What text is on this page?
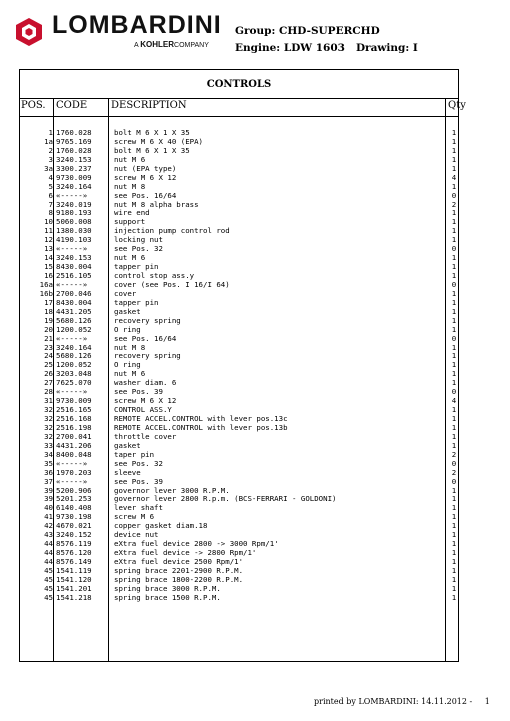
LOMBARDINI
A KOHLERCOMPANY
Group: CHD-SUPERCHD
Engine: LDW 1603 Drawing: I
CONTROLS
POS. CODE DESCRIPTION	Qty
1 1760.028	bolt M 6 X 1 X 35	1
1a 9765.169	screw M 6 X 40 (EPA)	1
2 1760.028	bolt M 6 X 1 X 35	1
3 3240.153	nut M 6	1
3a 3300.237	nut (EPA type)	1
4 9730.009	screw M 6 X 12	4
5 3240.164	nut M 8	1
6 «-----»	see Pos. 16/64	0
7 3240.019	nut M 8 alpha brass	2
8 9180.193	wire end	1
10 5060.008	support	1
11 1380.030	injection pump control rod	1
12 4190.103	locking nut	1
13 «-----»	see Pos. 32	0
14 3240.153	nut M 6	1
15 8430.004	tapper pin	1
16 2516.105	control stop ass.y	1
16a «-----»	cover (see Pos. I 16/I 64)	0
16b 2700.046	cover	1
17 8430.004	tapper pin	1
18 4431.205	gasket	1
19 5680.126	recovery spring	1
20 1200.052	O ring	1
21 «-----»	see Pos. 16/64	0
23 3240.164	nut M 8	1
24 5680.126	recovery spring	1
25 1200.052	O ring	1
26 3203.048	nut M 6	1
27 7625.070	washer diam. 6	1
28 «-----»	see Pos. 39	0
31 9730.009	screw M 6 X 12	4
32 2516.165	CONTROL ASS.Y	1
32 2516.168	REMOTE ACCEL.CONTROL with lever pos.13c	1
32 2516.198	REMOTE ACCEL.CONTROL with lever pos.13b	1
32 2700.041	throttle cover	1
33 4431.206	gasket	1
34 8400.048	taper pin	2
35 «-----»	see Pos. 32	0
36 1970.203	sleeve	2
37 «-----»	see Pos. 39	0
39 5200.906	governor lever 3000 R.P.M.	1
39 5201.253	governor lever 2800 R.p.m. (BCS-FERRARI - GOLDONI)	1
40 6140.408	lever shaft	1
41 9730.198	screw M 6	1
42 4670.021	copper gasket diam.18	1
43 3240.152	device nut	1
44 8576.119	eXtra fuel device 2800 -> 3000 Rpm/1'	1
44 8576.120	eXtra fuel device -> 2800 Rpm/1'	1
44 8576.149	eXtra fuel device 2500 Rpm/1'	1
45 1541.119	spring brace 2201-2900 R.P.M.	1
45 1541.120	spring brace 1800-2200 R.P.M.	1
45 1541.201	spring brace 3000 R.P.M.	1
45 1541.218	spring brace 1500 R.P.M.	1
printed by LOMBARDINI: 14.11.2012 - 1
